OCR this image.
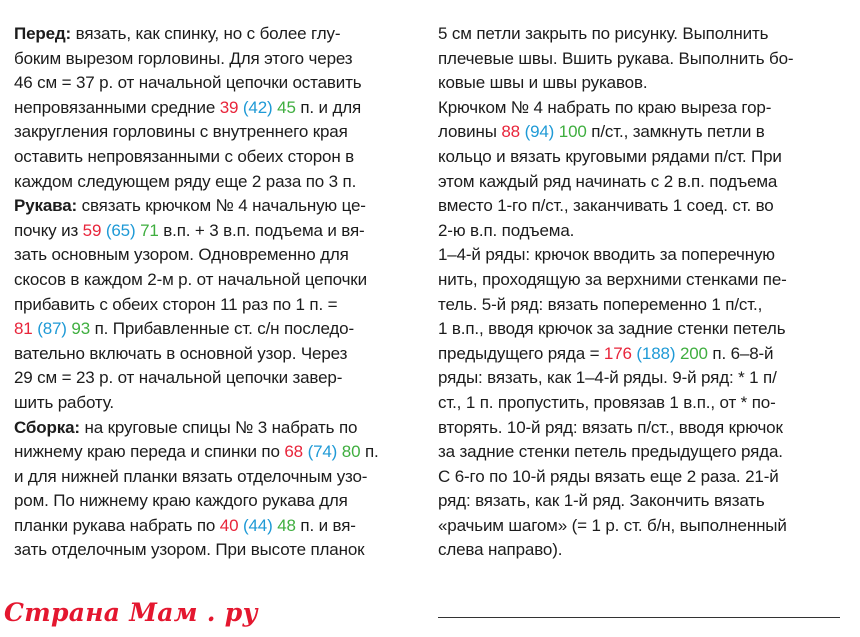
Перед: вязать, как спинку, но с более глу-
боким вырезом горловины. Для этого через
46 см = 37 р. от начальной цепочки оставить
непровязанными средние 39 (42) 45 п. и для
закругления горловины с внутреннего края
оставить непровязанными с обеих сторон в
каждом следующем ряду еще 2 раза по 3 п.

Рукава: связать крючком № 4 начальную це-
почку из 59 (65) 71 в.п. + 3 в.п. подъема и вя-
зать основным узором. Одновременно для
скосов в каждом 2-м р. от начальной цепочки
прибавить с обеих сторон 11 раз по 1 п. =
81 (87) 93 п. Прибавленные ст. с/н последо-
вательно включать в основной узор. Через
29 см = 23 р. от начальной цепочки завер-
шить работу.

Сборка: на круговые спицы № 3 набрать по
нижнему краю переда и спинки по 68 (74) 80 п.
и для нижней планки вязать отделочным узо-
ром. По нижнему краю каждого рукава для
планки рукава набрать по 40 (44) 48 п. и вя-
зать отделочным узором. При высоте планок

5 см петли закрыть по рисунку. Выполнить
плечевые швы. Вшить рукава. Выполнить бо-
ковые швы и швы рукавов.

Крючком № 4 набрать по краю выреза гор-
ловины 88 (94) 100 п/ст., замкнуть петли в
кольцо и вязать круговыми рядами п/ст. При
этом каждый ряд начинать с 2 в.п. подъема
вместо 1-го п/ст., заканчивать 1 соед. ст. во
2-ю в.п. подъема.

1–4-й ряды: крючок вводить за поперечную
нить, проходящую за верхними стенками пе-
тель. 5-й ряд: вязать попеременно 1 п/ст.,
1 в.п., вводя крючок за задние стенки петель
предыдущего ряда = 176 (188) 200 п. 6–8-й
ряды: вязать, как 1–4-й ряды. 9-й ряд: * 1 п/
ст., 1 п. пропустить, провязав 1 в.п., от * по-
вторять. 10-й ряд: вязать п/ст., вводя крючок
за задние стенки петель предыдущего ряда.
С 6-го по 10-й ряды вязать еще 2 раза. 21-й
ряд: вязать, как 1-й ряд. Закончить вязать
«рачьим шагом» (= 1 р. ст. б/н, выполненный
слева направо).

Страна Мам . ру
